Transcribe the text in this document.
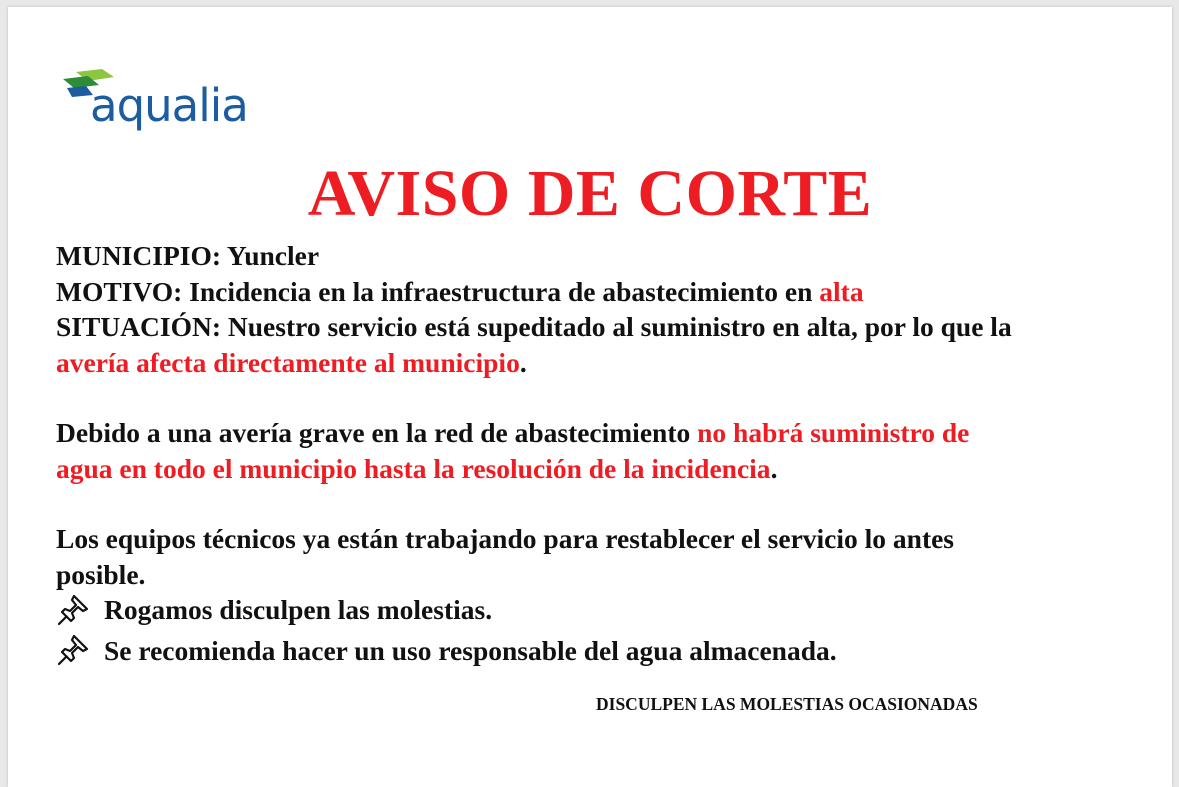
aqualia
AVISO DE CORTE
MUNICIPIO: Yuncler
MOTIVO: Incidencia en la infraestructura de abastecimiento en alta
SITUACIÓN: Nuestro servicio está supeditado al suministro en alta, por lo que la
avería afecta directamente al municipio.
Debido a una avería grave en la red de abastecimiento no habrá suministro de
agua en todo el municipio hasta la resolución de la incidencia.
Los equipos técnicos ya están trabajando para restablecer el servicio lo antes
posible.
Rogamos disculpen las molestias.
Se recomienda hacer un uso responsable del agua almacenada.
DISCULPEN LAS MOLESTIAS OCASIONADAS
